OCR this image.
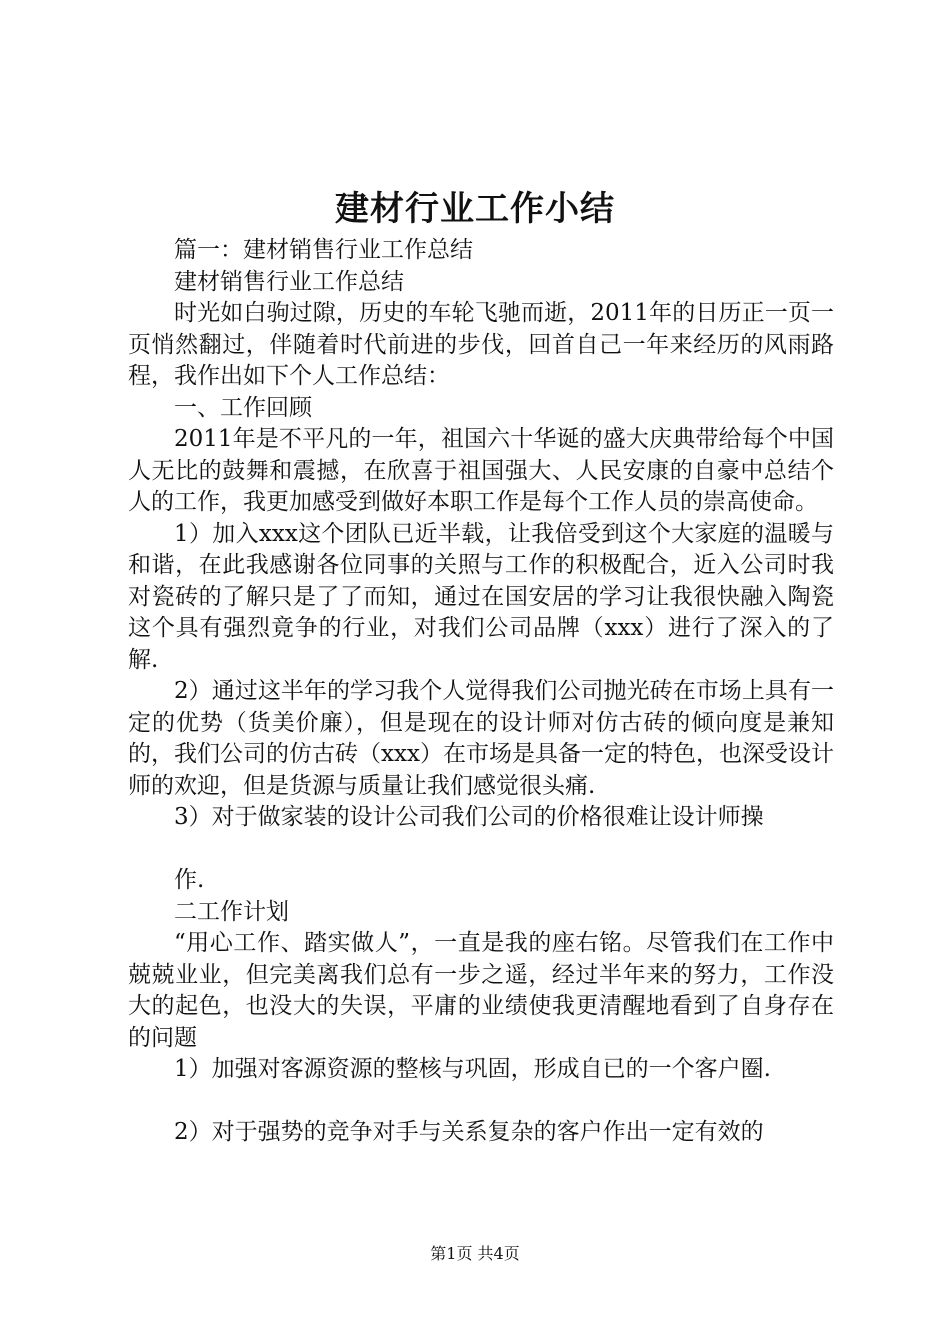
建材行业工作小结

篇一：建材销售行业工作总结

建材销售行业工作总结

时光如白驹过隙，历史的车轮飞驰而逝，2011年的日历正一页一页悄然翻过，伴随着时代前进的步伐，回首自己一年来经历的风雨路程，我作出如下个人工作总结：

一、工作回顾

2011年是不平凡的一年，祖国六十华诞的盛大庆典带给每个中国人无比的鼓舞和震撼，在欣喜于祖国强大、人民安康的自豪中总结个人的工作，我更加感受到做好本职工作是每个工作人员的崇高使命。

1）加入xxx这个团队已近半载，让我倍受到这个大家庭的温暖与和谐，在此我感谢各位同事的关照与工作的积极配合，近入公司时我对瓷砖的了解只是了了而知，通过在国安居的学习让我很快融入陶瓷这个具有强烈竟争的行业，对我们公司品牌（xxx）进行了深入的了解.

2）通过这半年的学习我个人觉得我们公司抛光砖在市场上具有一定的优势（货美价廉），但是现在的设计师对仿古砖的倾向度是兼知的，我们公司的仿古砖（xxx）在市场是具备一定的特色，也深受设计师的欢迎，但是货源与质量让我们感觉很头痛.

3）对于做家装的设计公司我们公司的价格很难让设计师操

作.

二工作计划

“用心工作、踏实做人”，一直是我的座右铭。尽管我们在工作中兢兢业业，但完美离我们总有一步之遥，经过半年来的努力，工作没大的起色，也没大的失误，平庸的业绩使我更清醒地看到了自身存在的问题

1）加强对客源资源的整核与巩固，形成自已的一个客户圈.

2）对于强势的竞争对手与关系复杂的客户作出一定有效的

第1页 共4页
